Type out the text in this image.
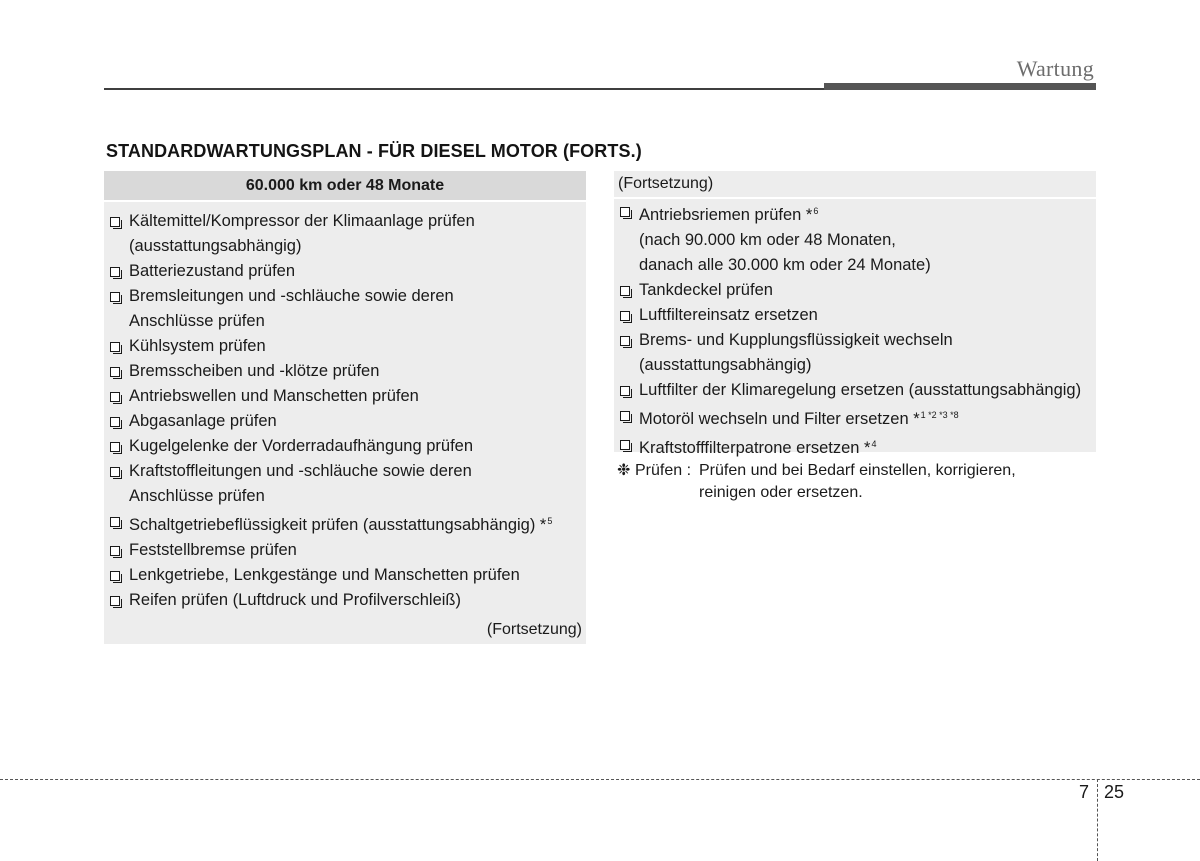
Wartung
STANDARDWARTUNGSPLAN - FÜR DIESEL MOTOR (FORTS.)
60.000 km oder 48 Monate
Kältemittel/Kompressor der Klimaanlage prüfen
(ausstattungsabhängig)
Batteriezustand prüfen
Bremsleitungen und -schläuche sowie deren
Anschlüsse prüfen
Kühlsystem prüfen
Bremsscheiben und -klötze prüfen
Antriebswellen und Manschetten prüfen
Abgasanlage prüfen
Kugelgelenke der Vorderradaufhängung prüfen
Kraftstoffleitungen und -schläuche sowie deren
Anschlüsse prüfen
Schaltgetriebeflüssigkeit prüfen (ausstattungsabhängig) *$^5$
Feststellbremse prüfen
Lenkgetriebe, Lenkgestänge und Manschetten prüfen
Reifen prüfen (Luftdruck und Profilverschleiß)
(Fortsetzung)
(Fortsetzung)
Antriebsriemen prüfen *$^6$
(nach 90.000 km oder 48 Monaten,
danach alle 30.000 km oder 24 Monate)
Tankdeckel prüfen
Luftfiltereinsatz ersetzen
Brems- und Kupplungsflüssigkeit wechseln
(ausstattungsabhängig)
Luftfilter der Klimaregelung ersetzen (ausstattungsabhängig)
Motoröl wechseln und Filter ersetzen *$^{1 *2 *3 *8}$
Kraftstofffilterpatrone ersetzen *$^4$
❉ Prüfen : Prüfen und bei Bedarf einstellen, korrigieren,
reinigen oder ersetzen.
7 25
